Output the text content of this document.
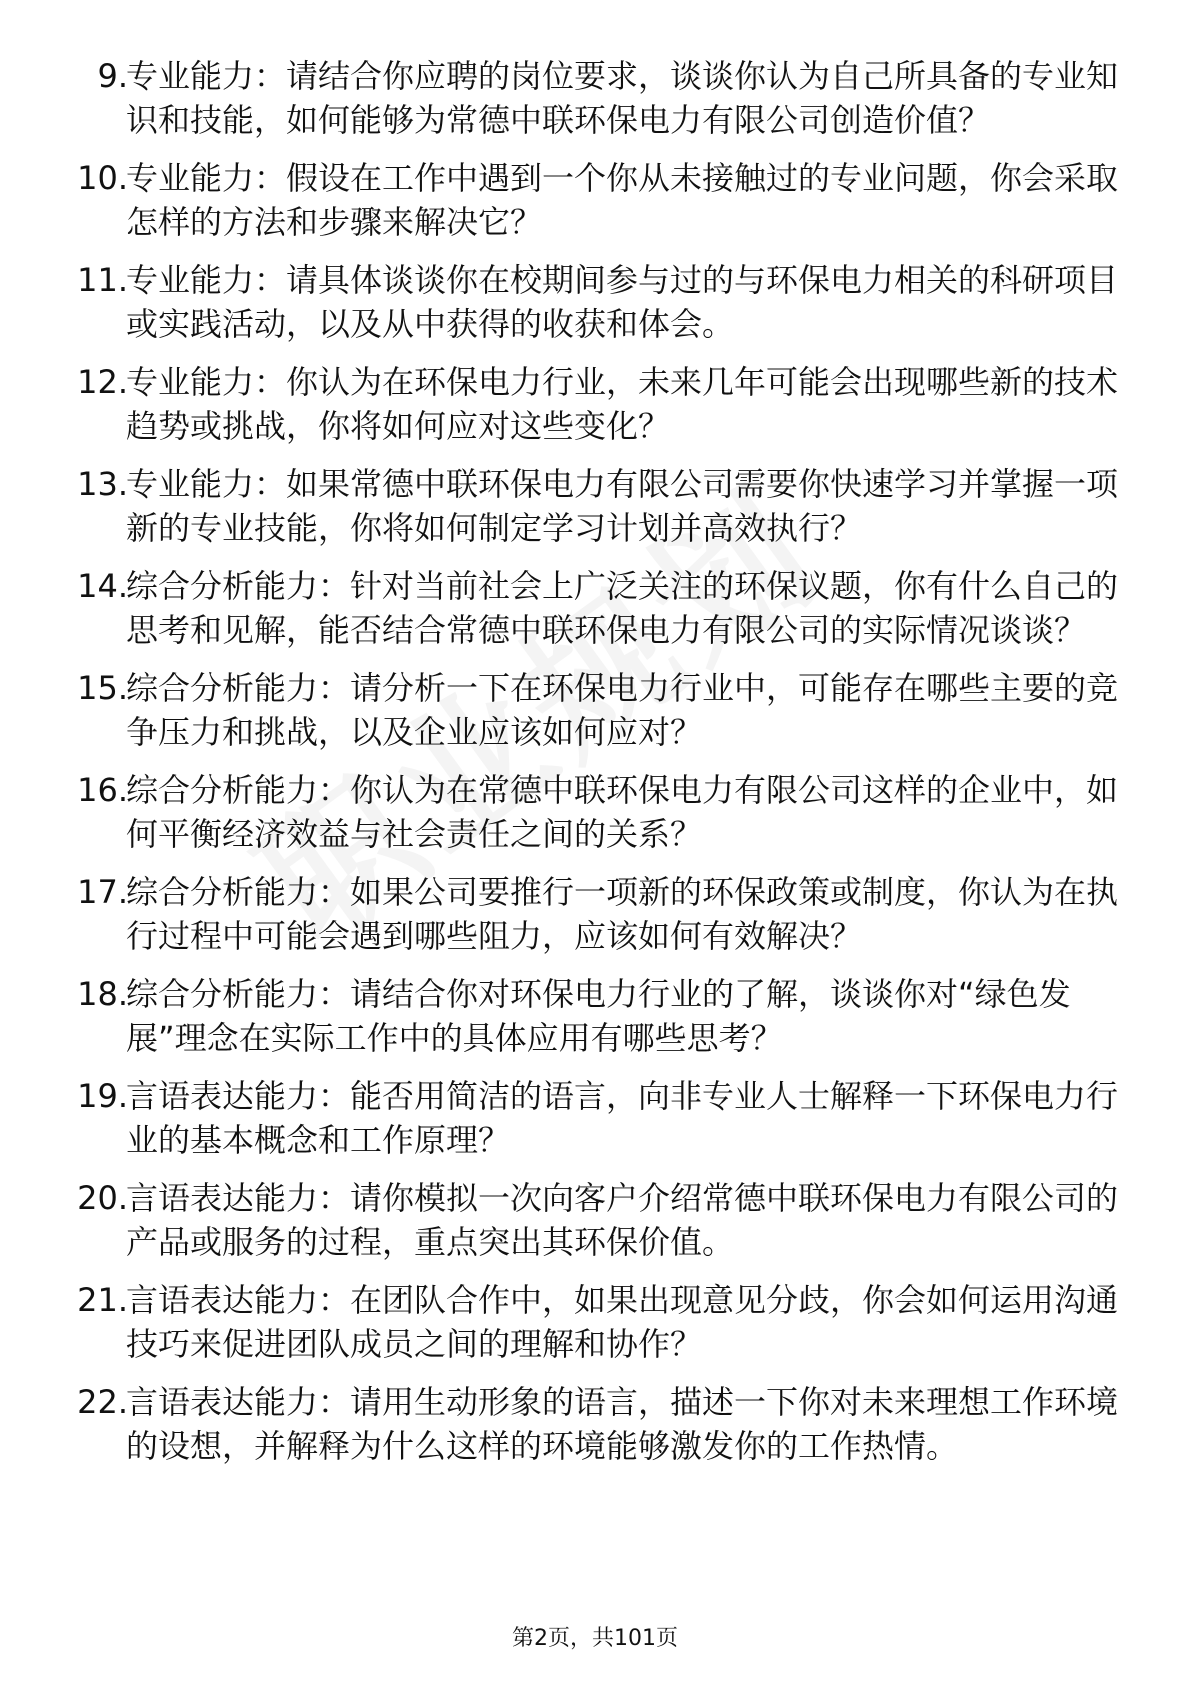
9.
专业能力：请结合你应聘的岗位要求，谈谈你认为自己所具备的专业知识和技能，如何能够为常德中联环保电力有限公司创造价值？
10.
专业能力：假设在工作中遇到一个你从未接触过的专业问题，你会采取怎样的方法和步骤来解决它？
11.
专业能力：请具体谈谈你在校期间参与过的与环保电力相关的科研项目或实践活动，以及从中获得的收获和体会。
12.
专业能力：你认为在环保电力行业，未来几年可能会出现哪些新的技术趋势或挑战，你将如何应对这些变化？
13.
专业能力：如果常德中联环保电力有限公司需要你快速学习并掌握一项新的专业技能，你将如何制定学习计划并高效执行？
14.
综合分析能力：针对当前社会上广泛关注的环保议题，你有什么自己的思考和见解，能否结合常德中联环保电力有限公司的实际情况谈谈？
15.
综合分析能力：请分析一下在环保电力行业中，可能存在哪些主要的竞争压力和挑战，以及企业应该如何应对？
16.
综合分析能力：你认为在常德中联环保电力有限公司这样的企业中，如何平衡经济效益与社会责任之间的关系？
17.
综合分析能力：如果公司要推行一项新的环保政策或制度，你认为在执行过程中可能会遇到哪些阻力，应该如何有效解决？
18.
综合分析能力：请结合你对环保电力行业的了解，谈谈你对“绿色发展”理念在实际工作中的具体应用有哪些思考？
19.
言语表达能力：能否用简洁的语言，向非专业人士解释一下环保电力行业的基本概念和工作原理？
20.
言语表达能力：请你模拟一次向客户介绍常德中联环保电力有限公司的产品或服务的过程，重点突出其环保价值。
21.
言语表达能力：在团队合作中，如果出现意见分歧，你会如何运用沟通技巧来促进团队成员之间的理解和协作？
22.
言语表达能力：请用生动形象的语言，描述一下你对未来理想工作环境的设想，并解释为什么这样的环境能够激发你的工作热情。
第2页，共101页
